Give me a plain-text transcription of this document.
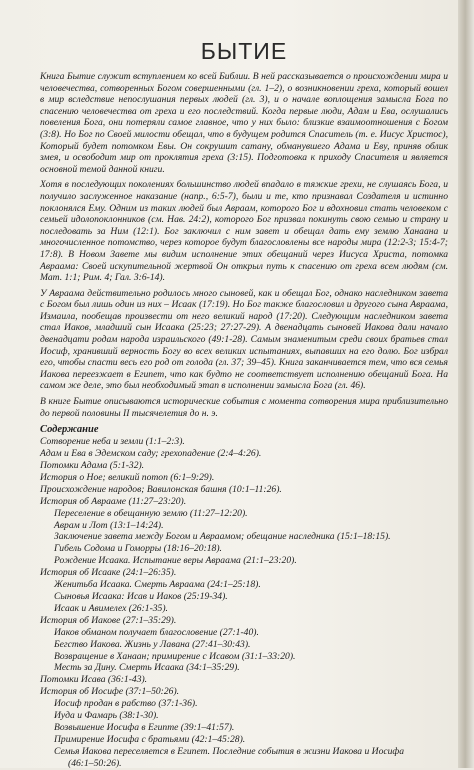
БЫТИЕ

Книга Бытие служит вступлением ко всей Библии. В ней рассказывается о происхождении мира и человечества, сотворенных Богом совершенными (гл. 1–2), о возникновении греха, который вошел в мир вследствие непослушания первых людей (гл. 3), и о начале воплощения замысла Бога по спасению человечества от греха и его последствий. Когда первые люди, Адам и Ева, ослушались повеления Бога, они потеряли самое главное, что у них было: близкие взаимоотношения с Богом (3:8). Но Бог по Своей милости обещал, что в будущем родится Спаситель (т. е. Иисус Христос), Который будет потомком Евы. Он сокрушит сатану, обманувшего Адама и Еву, приняв облик змея, и освободит мир от проклятия греха (3:15). Подготовка к приходу Спасителя и является основной темой данной книги.

Хотя в последующих поколениях большинство людей впадало в тяжкие грехи, не слушаясь Бога, и получило заслуженное наказание (напр., 6:5-7), были и те, кто признавал Создателя и истинно поклонялся Ему. Одним из таких людей был Авраам, которого Бог и вдохновил стать человеком с семьей идолопоклонников (см. Нав. 24:2), которого Бог призвал покинуть свою семью и страну и последовать за Ним (12:1). Бог заключил с ним завет и обещал дать ему землю Ханаана и многочисленное потомство, через которое будут благословлены все народы мира (12:2-3; 15:4-7; 17:8). В Новом Завете мы видим исполнение этих обещаний через Иисуса Христа, потомка Авраама: Своей искупительной жертвой Он открыл путь к спасению от греха всем людям (см. Мат. 1:1; Рим. 4; Гал. 3:6-14).

У Авраама действительно родилось много сыновей, как и обещал Бог, однако наследником завета с Богом был лишь один из них – Исаак (17:19). Но Бог также благословил и другого сына Авраама, Измаила, пообещав произвести от него великий народ (17:20). Следующим наследником завета стал Иаков, младший сын Исаака (25:23; 27:27-29). А двенадцать сыновей Иакова дали начало двенадцати родам народа израильского (49:1-28). Самым знаменитым среди своих братьев стал Иосиф, хранивший верность Богу во всех великих испытаниях, выпавших на его долю. Бог избрал его, чтобы спасти весь его род от голода (гл. 37; 39–45). Книга заканчивается тем, что вся семья Иакова переезжает в Египет, что как будто не соответствует исполнению обещаний Бога. На самом же деле, это был необходимый этап в исполнении замысла Бога (гл. 46).

В книге Бытие описываются исторические события с момента сотворения мира приблизительно до первой половины II тысячелетия до н. э.

Содержание
Сотворение неба и земли (1:1–2:3).
Адам и Ева в Эдемском саду; грехопадение (2:4–4:26).
Потомки Адама (5:1-32).
История о Ное; великий потоп (6:1–9:29).
Происхождение народов; Вавилонская башня (10:1–11:26).
История об Аврааме (11:27–23:20).
Переселение в обещанную землю (11:27–12:20).
Аврам и Лот (13:1–14:24).
Заключение завета между Богом и Авраамом; обещание наследника (15:1–18:15).
Гибель Содома и Гоморры (18:16–20:18).
Рождение Исаака. Испытание веры Авраама (21:1–23:20).
История об Исааке (24:1–26:35).
Женитьба Исаака. Смерть Авраама (24:1–25:18).
Сыновья Исаака: Исав и Иаков (25:19-34).
Исаак и Авимелех (26:1-35).
История об Иакове (27:1–35:29).
Иаков обманом получает благословение (27:1-40).
Бегство Иакова. Жизнь у Лавана (27:41–30:43).
Возвращение в Ханаан; примирение с Исавом (31:1–33:20).
Месть за Дину. Смерть Исаака (34:1–35:29).
Потомки Исава (36:1-43).
История об Иосифе (37:1–50:26).
Иосиф продан в рабство (37:1-36).
Иуда и Фамарь (38:1-30).
Возвышение Иосифа в Египте (39:1–41:57).
Примирение Иосифа с братьями (42:1–45:28).
Семья Иакова переселяется в Египет. Последние события в жизни Иакова и Иосифа
(46:1–50:26).
